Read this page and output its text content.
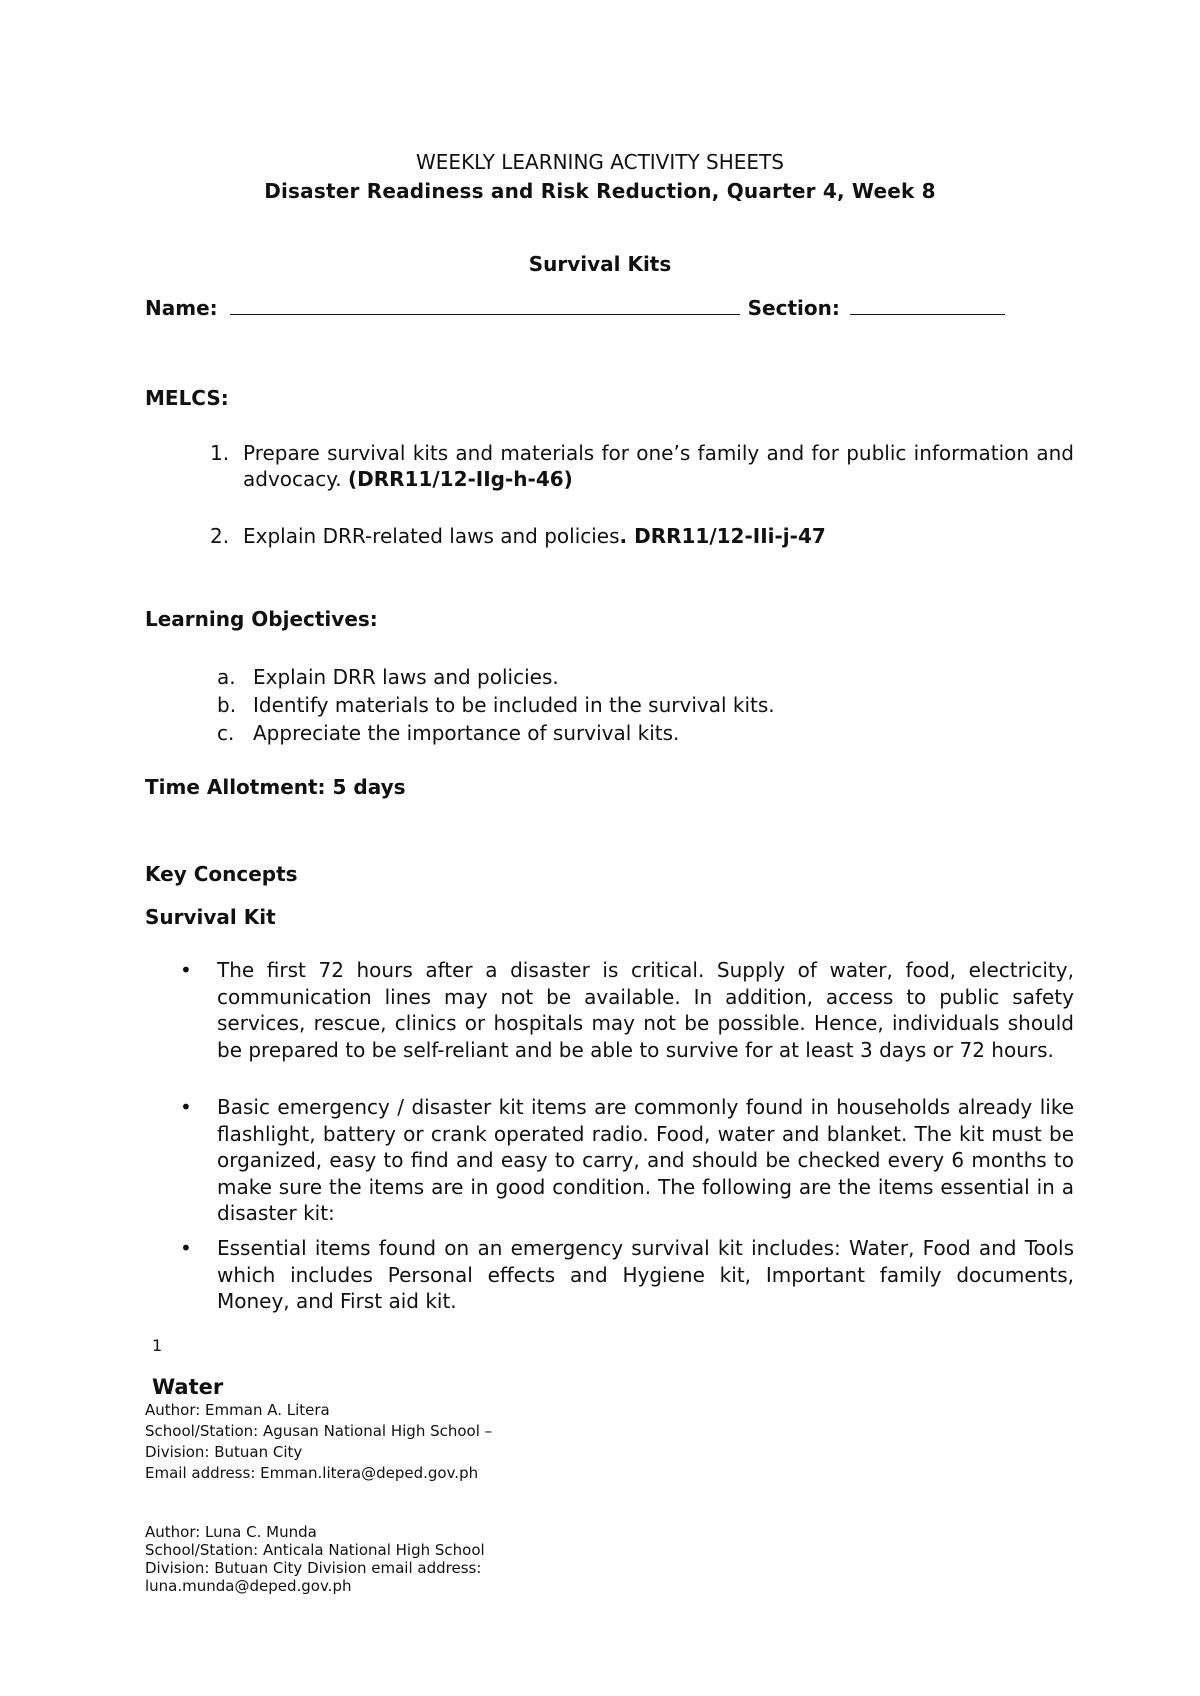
WEEKLY LEARNING ACTIVITY SHEETS
Disaster Readiness and Risk Reduction, Quarter 4, Week 8
Survival Kits
Name:	Section:
MELCS:
1. Prepare survival kits and materials for one’s family and for public information and advocacy. (DRR11/12-IIg-h-46)
2. Explain DRR-related laws and policies. DRR11/12-IIi-j-47
Learning Objectives:
a. Explain DRR laws and policies.
b. Identify materials to be included in the survival kits.
c. Appreciate the importance of survival kits.
Time Allotment: 5 days
Key Concepts
Survival Kit
•	The first 72 hours after a disaster is critical. Supply of water, food, electricity, communication lines may not be available. In addition, access to public safety services, rescue, clinics or hospitals may not be possible. Hence, individuals should be prepared to be self-reliant and be able to survive for at least 3 days or 72 hours.
•	Basic emergency / disaster kit items are commonly found in households already like flashlight, battery or crank operated radio. Food, water and blanket. The kit must be organized, easy to find and easy to carry, and should be checked every 6 months to make sure the items are in good condition. The following are the items essential in a disaster kit:
•	Essential items found on an emergency survival kit includes: Water, Food and Tools which includes Personal effects and Hygiene kit, Important family documents, Money, and First aid kit.
1
Water
Author: Emman A. Litera
School/Station: Agusan National High School –
Division: Butuan City
Email address: Emman.litera@deped.gov.ph
Author: Luna C. Munda
School/Station: Anticala National High School
Division: Butuan City Division email address:
luna.munda@deped.gov.ph
